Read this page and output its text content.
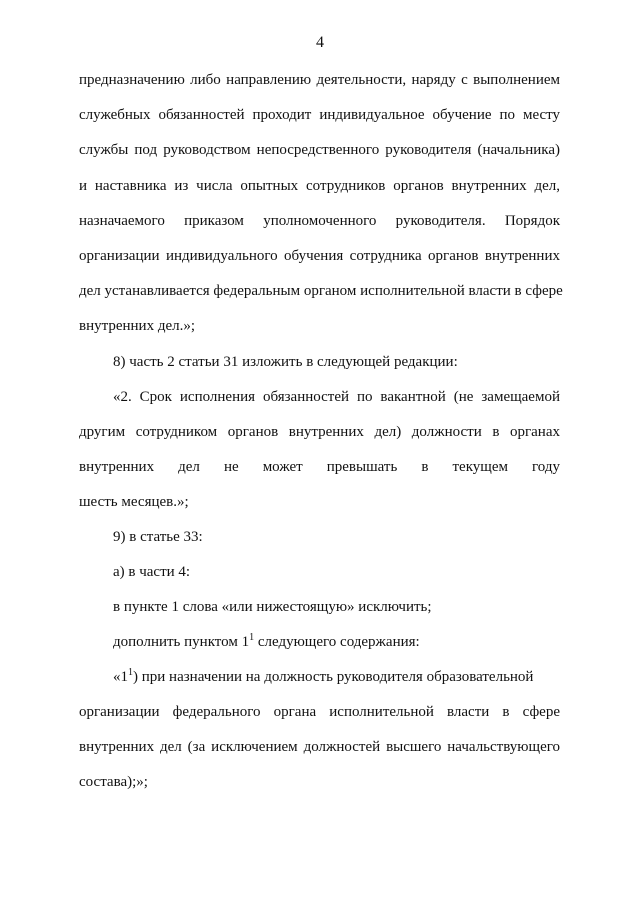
4
предназначению либо направлению деятельности, наряду с выполнением
служебных обязанностей проходит индивидуальное обучение по месту
службы под руководством непосредственного руководителя (начальника)
и наставника из числа опытных сотрудников органов внутренних дел,
назначаемого приказом уполномоченного руководителя. Порядок
организации индивидуального обучения сотрудника органов внутренних
дел устанавливается федеральным органом исполнительной власти в сфере
внутренних дел.»;
8) часть 2 статьи 31 изложить в следующей редакции:
«2. Срок исполнения обязанностей по вакантной (не замещаемой
другим сотрудником органов внутренних дел) должности в органах
внутренних дел не может превышать в текущем году
шесть месяцев.»;
9) в статье 33:
а) в части 4:
в пункте 1 слова «или нижестоящую» исключить;
дополнить пунктом $1^1$ следующего содержания:
«$1^1$) при назначении на должность руководителя образовательной
организации федерального органа исполнительной власти в сфере
внутренних дел (за исключением должностей высшего начальствующего
состава);»;
